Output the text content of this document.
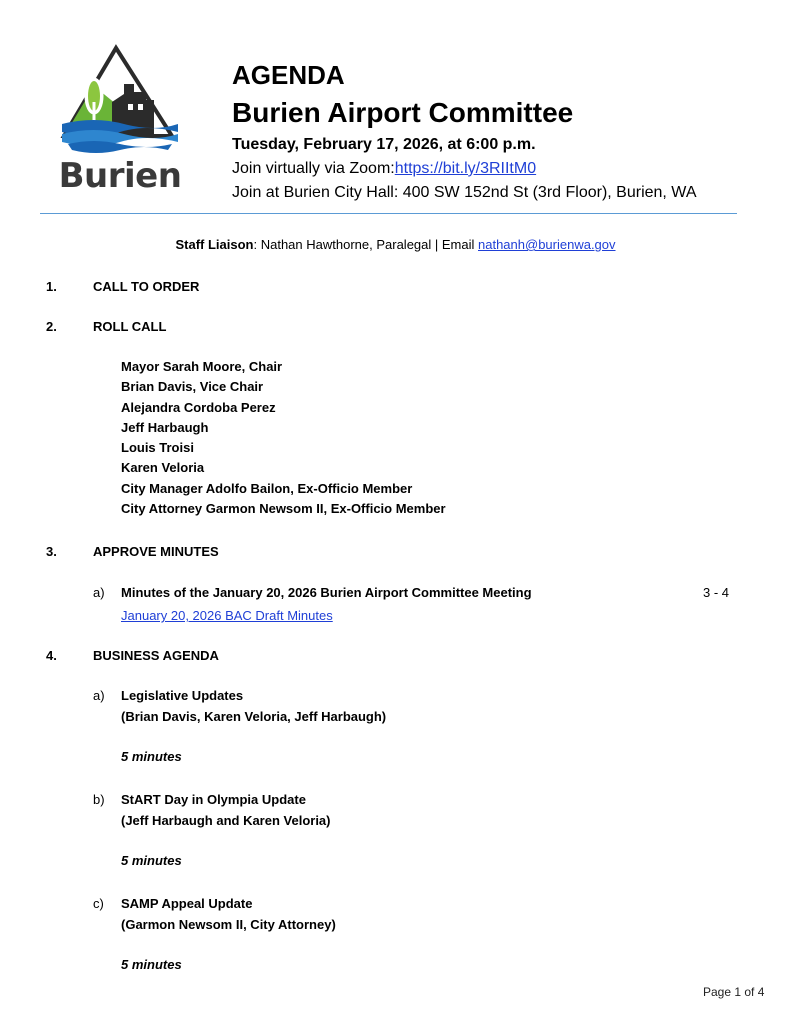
Burien
AGENDA
Burien Airport Committee
Tuesday, February 17, 2026, at 6:00 p.m.
Join virtually via Zoom:https://bit.ly/3RIItM0
Join at Burien City Hall: 400 SW 152nd St (3rd Floor), Burien, WA
Staff Liaison: Nathan Hawthorne, Paralegal | Email nathanh@burienwa.gov
1.	CALL TO ORDER
2.	ROLL CALL
Mayor Sarah Moore, Chair
Brian Davis, Vice Chair
Alejandra Cordoba Perez
Jeff Harbaugh
Louis Troisi
Karen Veloria
City Manager Adolfo Bailon, Ex-Officio Member
City Attorney Garmon Newsom II, Ex-Officio Member
3.	APPROVE MINUTES
a) Minutes of the January 20, 2026 Burien Airport Committee Meeting	3 - 4
January 20, 2026 BAC Draft Minutes
4.	BUSINESS AGENDA
a) Legislative Updates
(Brian Davis, Karen Veloria, Jeff Harbaugh)
5 minutes
b) StART Day in Olympia Update
(Jeff Harbaugh and Karen Veloria)
5 minutes
c) SAMP Appeal Update
(Garmon Newsom II, City Attorney)
5 minutes
Page 1 of 4
